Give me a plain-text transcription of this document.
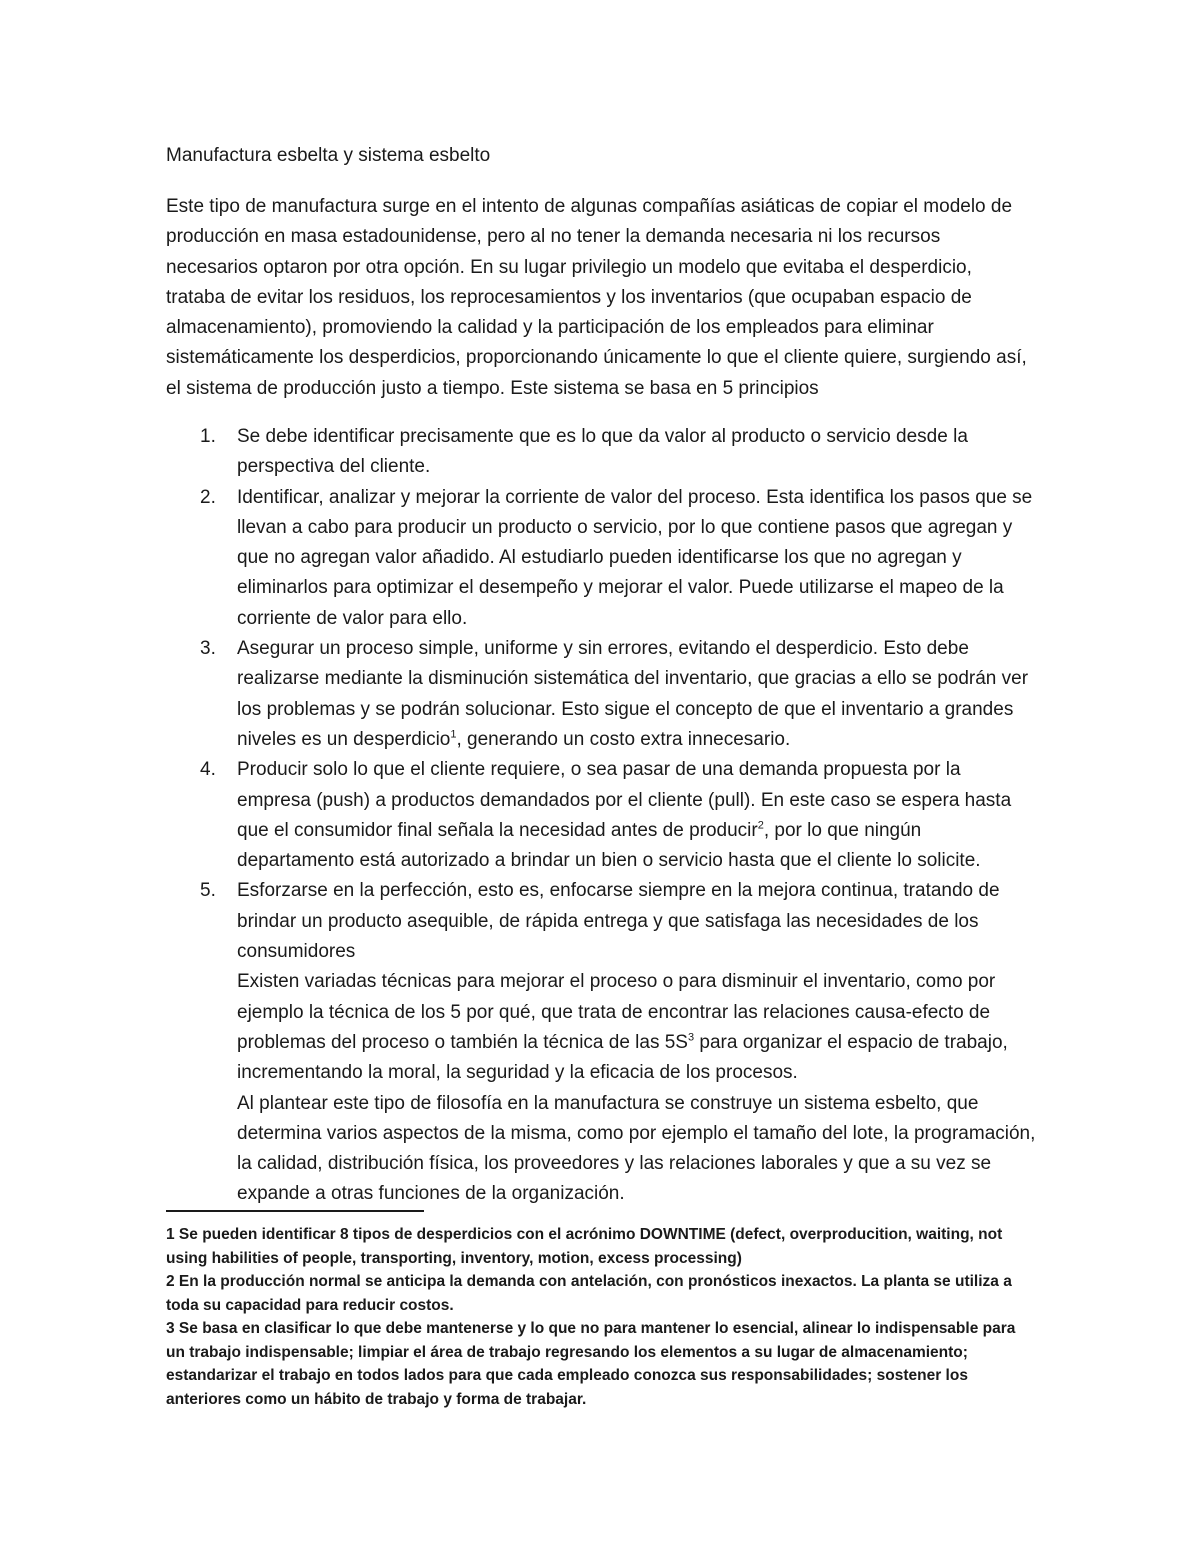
Manufactura esbelta y sistema esbelto

Este tipo de manufactura surge en el intento de algunas compañías asiáticas de copiar el modelo de producción en masa estadounidense, pero al no tener la demanda necesaria ni los recursos necesarios optaron por otra opción. En su lugar privilegio un modelo que evitaba el desperdicio, trataba de evitar los residuos, los reprocesamientos y los inventarios (que ocupaban espacio de almacenamiento), promoviendo la calidad y la participación de los empleados para eliminar sistemáticamente los desperdicios, proporcionando únicamente lo que el cliente quiere, surgiendo así, el sistema de producción justo a tiempo. Este sistema se basa en 5 principios

1. Se debe identificar precisamente que es lo que da valor al producto o servicio desde la perspectiva del cliente.
2. Identificar, analizar y mejorar la corriente de valor del proceso. Esta identifica los pasos que se llevan a cabo para producir un producto o servicio, por lo que contiene pasos que agregan y que no agregan valor añadido. Al estudiarlo pueden identificarse los que no agregan y eliminarlos para optimizar el desempeño y mejorar el valor. Puede utilizarse el mapeo de la corriente de valor para ello.
3. Asegurar un proceso simple, uniforme y sin errores, evitando el desperdicio. Esto debe realizarse mediante la disminución sistemática del inventario, que gracias a ello se podrán ver los problemas y se podrán solucionar. Esto sigue el concepto de que el inventario a grandes niveles es un desperdicio$^1$, generando un costo extra innecesario.
4. Producir solo lo que el cliente requiere, o sea pasar de una demanda propuesta por la empresa (push) a productos demandados por el cliente (pull). En este caso se espera hasta que el consumidor final señala la necesidad antes de producir$^2$, por lo que ningún departamento está autorizado a brindar un bien o servicio hasta que el cliente lo solicite.
5. Esforzarse en la perfección, esto es, enfocarse siempre en la mejora continua, tratando de brindar un producto asequible, de rápida entrega y que satisfaga las necesidades de los consumidores
Existen variadas técnicas para mejorar el proceso o para disminuir el inventario, como por ejemplo la técnica de los 5 por qué, que trata de encontrar las relaciones causa-efecto de problemas del proceso o también la técnica de las $5S^3$ para organizar el espacio de trabajo, incrementando la moral, la seguridad y la eficacia de los procesos.
Al plantear este tipo de filosofía en la manufactura se construye un sistema esbelto, que determina varios aspectos de la misma, como por ejemplo el tamaño del lote, la programación, la calidad, distribución física, los proveedores y las relaciones laborales y que a su vez se expande a otras funciones de la organización.

1 Se pueden identificar 8 tipos de desperdicios con el acrónimo DOWNTIME (defect, overproducition, waiting, not using habilities of people, transporting, inventory, motion, excess processing)

2 En la producción normal se anticipa la demanda con antelación, con pronósticos inexactos. La planta se utiliza a toda su capacidad para reducir costos.

3 Se basa en clasificar lo que debe mantenerse y lo que no para mantener lo esencial, alinear lo indispensable para un trabajo indispensable; limpiar el área de trabajo regresando los elementos a su lugar de almacenamiento; estandarizar el trabajo en todos lados para que cada empleado conozca sus responsabilidades; sostener los anteriores como un hábito de trabajo y forma de trabajar.
